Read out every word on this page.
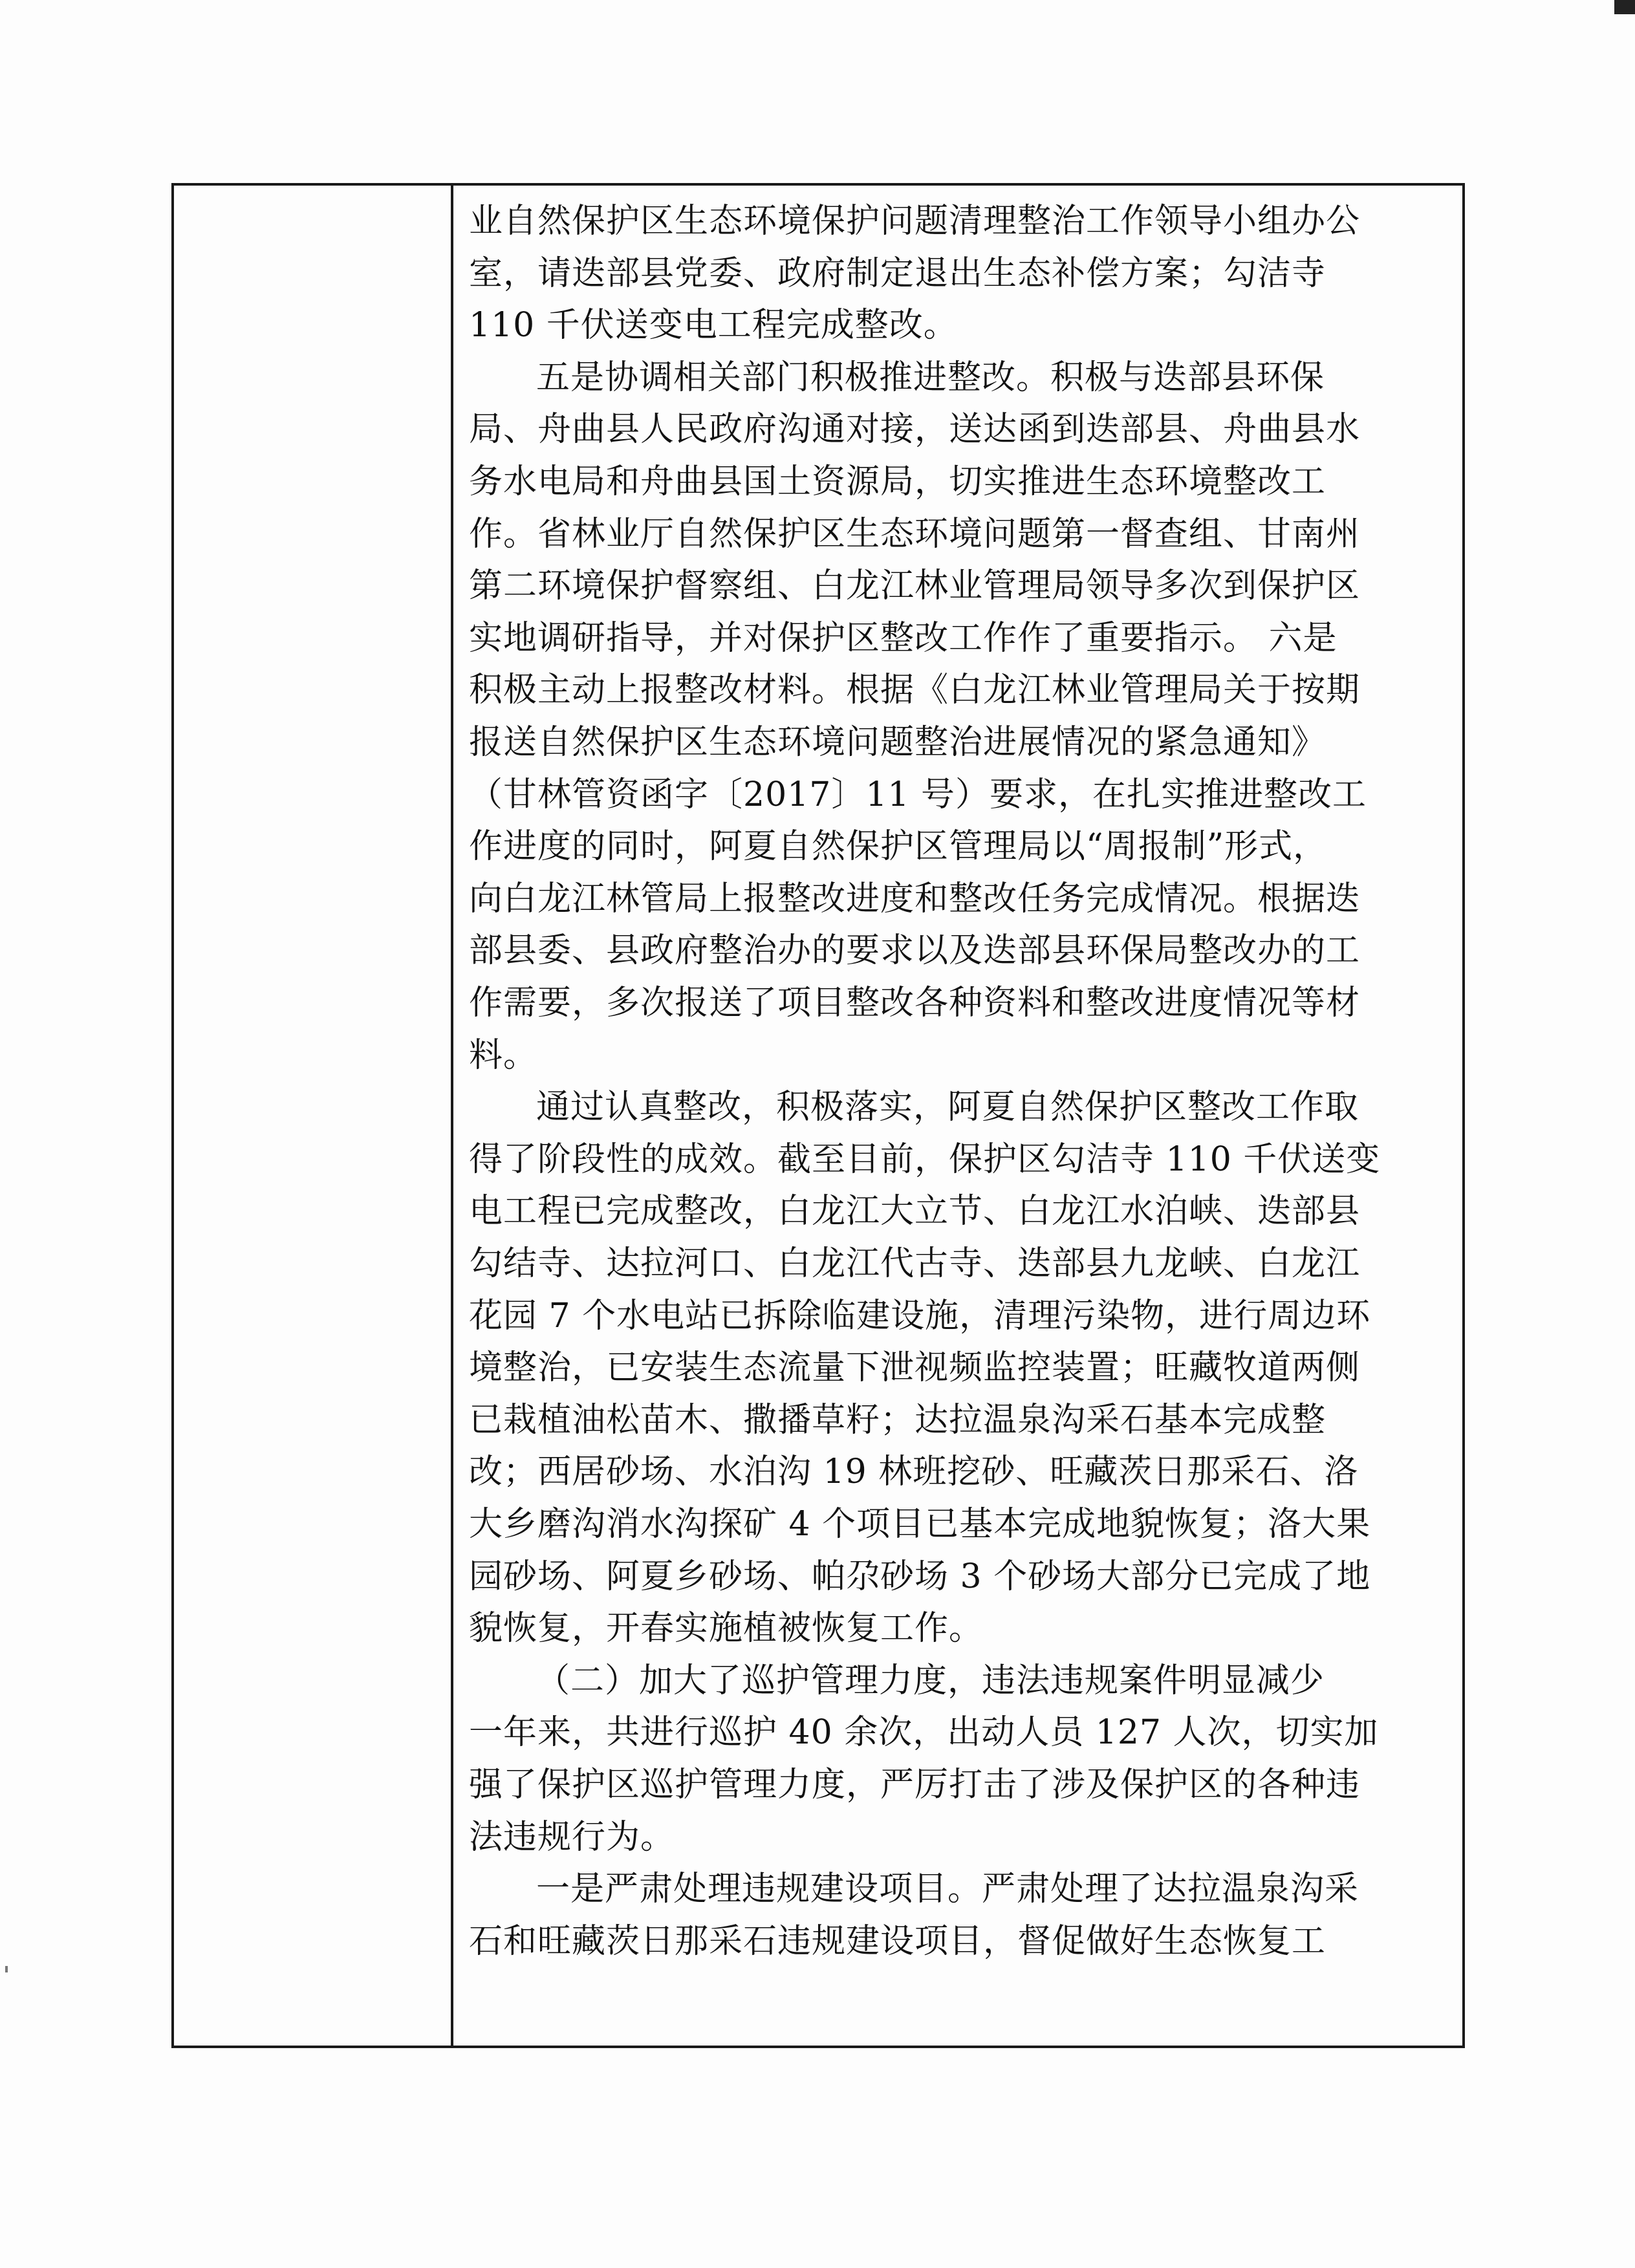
业自然保护区生态环境保护问题清理整治工作领导小组办公
室，请迭部县党委、政府制定退出生态补偿方案；勾洁寺
110 千伏送变电工程完成整改。
五是协调相关部门积极推进整改。积极与迭部县环保
局、舟曲县人民政府沟通对接，送达函到迭部县、舟曲县水
务水电局和舟曲县国土资源局，切实推进生态环境整改工
作。省林业厅自然保护区生态环境问题第一督查组、甘南州
第二环境保护督察组、白龙江林业管理局领导多次到保护区
实地调研指导，并对保护区整改工作作了重要指示。 六是
积极主动上报整改材料。根据《白龙江林业管理局关于按期
报送自然保护区生态环境问题整治进展情况的紧急通知》
（甘林管资函字〔2017〕11 号）要求，在扎实推进整改工
作进度的同时，阿夏自然保护区管理局以“周报制”形式，
向白龙江林管局上报整改进度和整改任务完成情况。根据迭
部县委、县政府整治办的要求以及迭部县环保局整改办的工
作需要，多次报送了项目整改各种资料和整改进度情况等材
料。
通过认真整改，积极落实，阿夏自然保护区整改工作取
得了阶段性的成效。截至目前，保护区勾洁寺 110 千伏送变
电工程已完成整改，白龙江大立节、白龙江水泊峡、迭部县
勾结寺、达拉河口、白龙江代古寺、迭部县九龙峡、白龙江
花园 7 个水电站已拆除临建设施，清理污染物，进行周边环
境整治，已安装生态流量下泄视频监控装置；旺藏牧道两侧
已栽植油松苗木、撒播草籽；达拉温泉沟采石基本完成整
改；西居砂场、水泊沟 19 林班挖砂、旺藏茨日那采石、洛
大乡磨沟消水沟探矿 4 个项目已基本完成地貌恢复；洛大果
园砂场、阿夏乡砂场、帕尕砂场 3 个砂场大部分已完成了地
貌恢复，开春实施植被恢复工作。
（二）加大了巡护管理力度，违法违规案件明显减少
一年来，共进行巡护 40 余次，出动人员 127 人次，切实加
强了保护区巡护管理力度，严厉打击了涉及保护区的各种违
法违规行为。
一是严肃处理违规建设项目。严肃处理了达拉温泉沟采
石和旺藏茨日那采石违规建设项目，督促做好生态恢复工
